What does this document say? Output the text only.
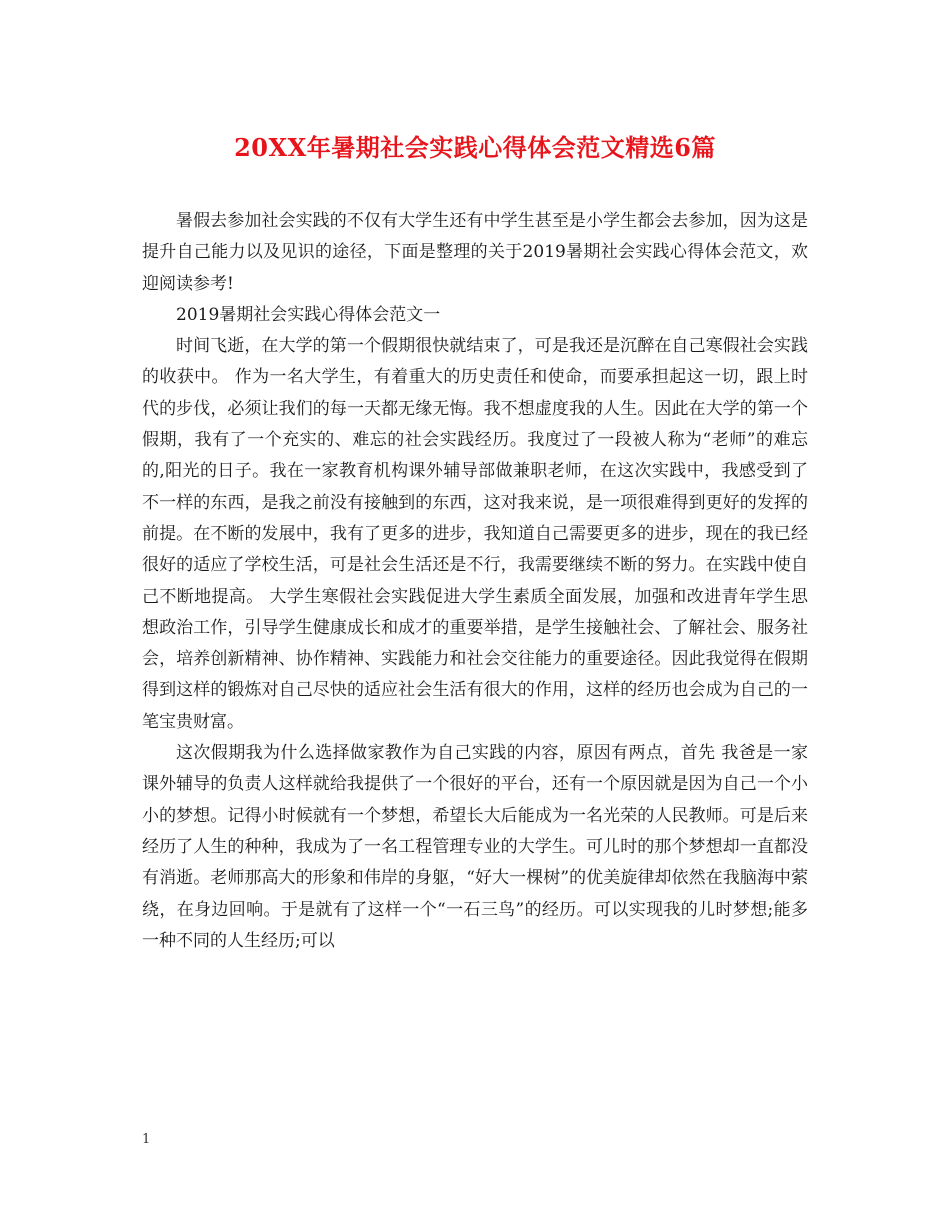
20XX年暑期社会实践心得体会范文精选6篇

暑假去参加社会实践的不仅有大学生还有中学生甚至是小学生都会去参加，因为这是提升自己能力以及见识的途径，下面是整理的关于2019暑期社会实践心得体会范文，欢迎阅读参考!

2019暑期社会实践心得体会范文一

时间飞逝，在大学的第一个假期很快就结束了，可是我还是沉醉在自己寒假社会实践的收获中。 作为一名大学生，有着重大的历史责任和使命，而要承担起这一切，跟上时代的步伐，必须让我们的每一天都无缘无悔。我不想虚度我的人生。因此在大学的第一个假期，我有了一个充实的、难忘的社会实践经历。我度过了一段被人称为“老师”的难忘的,阳光的日子。我在一家教育机构课外辅导部做兼职老师，在这次实践中，我感受到了不一样的东西，是我之前没有接触到的东西，这对我来说，是一项很难得到更好的发挥的前提。在不断的发展中，我有了更多的进步，我知道自己需要更多的进步，现在的我已经很好的适应了学校生活，可是社会生活还是不行，我需要继续不断的努力。在实践中使自己不断地提高。 大学生寒假社会实践促进大学生素质全面发展，加强和改进青年学生思想政治工作，引导学生健康成长和成才的重要举措，是学生接触社会、了解社会、服务社会，培养创新精神、协作精神、实践能力和社会交往能力的重要途径。因此我觉得在假期得到这样的锻炼对自己尽快的适应社会生活有很大的作用，这样的经历也会成为自己的一笔宝贵财富。

这次假期我为什么选择做家教作为自己实践的内容，原因有两点，首先 我爸是一家课外辅导的负责人这样就给我提供了一个很好的平台，还有一个原因就是因为自己一个小小的梦想。记得小时候就有一个梦想，希望长大后能成为一名光荣的人民教师。可是后来经历了人生的种种，我成为了一名工程管理专业的大学生。可儿时的那个梦想却一直都没有消逝。老师那高大的形象和伟岸的身躯，“好大一棵树”的优美旋律却依然在我脑海中萦绕，在身边回响。于是就有了这样一个“一石三鸟”的经历。可以实现我的儿时梦想;能多一种不同的人生经历;可以

1
